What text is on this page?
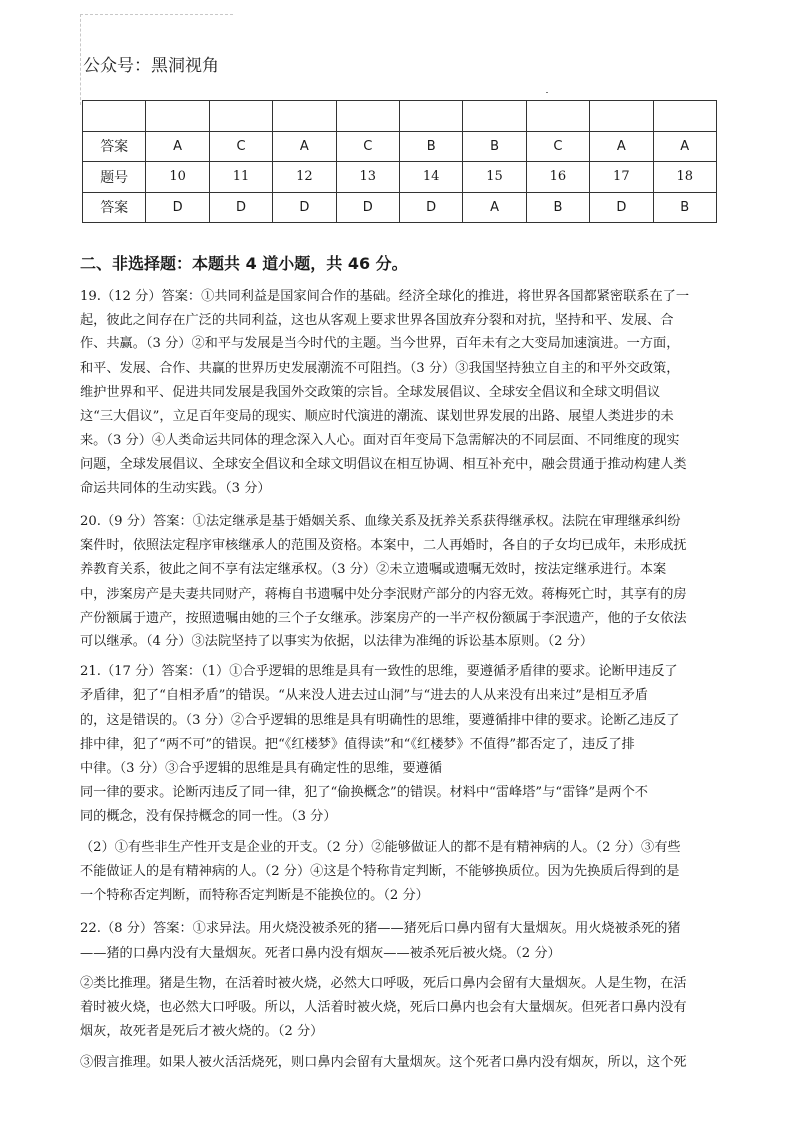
公众号：黑洞视角

答案	A	C	A	C	B	B	C	A	A
题号	10	11	12	13	14	15	16	17	18
答案	D	D	D	D	D	A	B	D	B
二、非选择题：本题共 4 道小题，共 46 分。
19.（12 分）答案：①共同利益是国家间合作的基础。经济全球化的推进，将世界各国都紧密联系在了一
起，彼此之间存在广泛的共同利益，这也从客观上要求世界各国放弃分裂和对抗，坚持和平、发展、合
作、共赢。（3 分）②和平与发展是当今时代的主题。当今世界，百年未有之大变局加速演进。一方面，
和平、发展、合作、共赢的世界历史发展潮流不可阻挡。（3 分）③我国坚持独立自主的和平外交政策，
维护世界和平、促进共同发展是我国外交政策的宗旨。全球发展倡议、全球安全倡议和全球文明倡议
这“三大倡议”，立足百年变局的现实、顺应时代演进的潮流、谋划世界发展的出路、展望人类进步的未
来。（3 分）④人类命运共同体的理念深入人心。面对百年变局下急需解决的不同层面、不同维度的现实
问题，全球发展倡议、全球安全倡议和全球文明倡议在相互协调、相互补充中，融会贯通于推动构建人类
命运共同体的生动实践。（3 分）
20.（9 分）答案：①法定继承是基于婚姻关系、血缘关系及抚养关系获得继承权。法院在审理继承纠纷
案件时，依照法定程序审核继承人的范围及资格。本案中，二人再婚时，各自的子女均已成年，未形成抚
养教育关系，彼此之间不享有法定继承权。（3 分）②未立遗嘱或遗嘱无效时，按法定继承进行。本案
中，涉案房产是夫妻共同财产，蒋梅自书遗嘱中处分李泯财产部分的内容无效。蒋梅死亡时，其享有的房
产份额属于遗产，按照遗嘱由她的三个子女继承。涉案房产的一半产权份额属于李泯遗产，他的子女依法
可以继承。（4 分）③法院坚持了以事实为依据，以法律为准绳的诉讼基本原则。（2 分）
21.（17 分）答案：（1）①合乎逻辑的思维是具有一致性的思维，要遵循矛盾律的要求。论断甲违反了
矛盾律，犯了“自相矛盾”的错误。“从来没人进去过山洞”与“进去的人从来没有出来过”是相互矛盾
的，这是错误的。（3 分）②合乎逻辑的思维是具有明确性的思维，要遵循排中律的要求。论断乙违反了
排中律，犯了“两不可”的错误。把“《红楼梦》值得读”和“《红楼梦》不值得”都否定了，违反了排
中律。（3 分）③合乎逻辑的思维是具有确定性的思维，要遵循
同一律的要求。论断丙违反了同一律，犯了“偷换概念”的错误。材料中“雷峰塔”与“雷锋”是两个不
同的概念，没有保持概念的同一性。（3 分）
（2）①有些非生产性开支是企业的开支。（2 分）②能够做证人的都不是有精神病的人。（2 分）③有些
不能做证人的是有精神病的人。（2 分）④这是个特称肯定判断，不能够换质位。因为先换质后得到的是
一个特称否定判断，而特称否定判断是不能换位的。（2 分）
22.（8 分）答案：①求异法。用火烧没被杀死的猪——猪死后口鼻内留有大量烟灰。用火烧被杀死的猪
——猪的口鼻内没有大量烟灰。死者口鼻内没有烟灰——被杀死后被火烧。（2 分）
②类比推理。猪是生物，在活着时被火烧，必然大口呼吸，死后口鼻内会留有大量烟灰。人是生物，在活
着时被火烧，也必然大口呼吸。所以，人活着时被火烧，死后口鼻内也会有大量烟灰。但死者口鼻内没有
烟灰，故死者是死后才被火烧的。（2 分）
③假言推理。如果人被火活活烧死，则口鼻内会留有大量烟灰。这个死者口鼻内没有烟灰，所以，这个死
